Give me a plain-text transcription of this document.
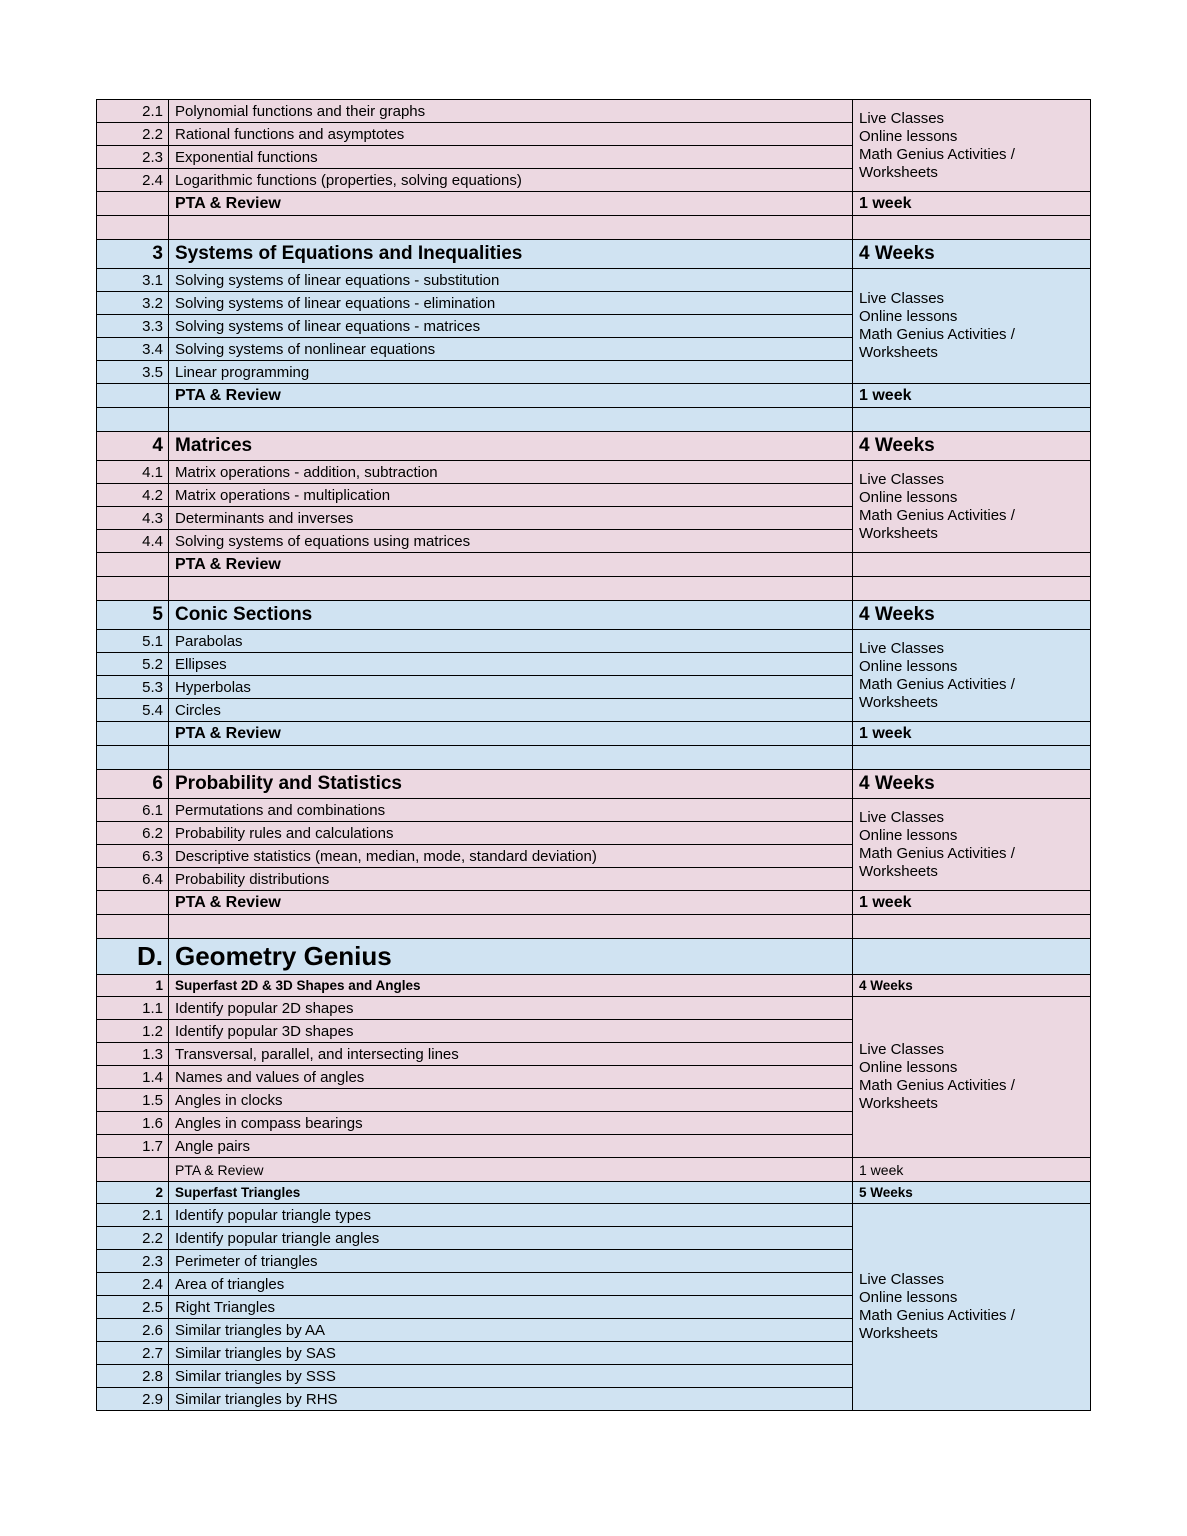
2.1	Polynomial functions and their graphs	Live Classes
Online lessons
Math Genius Activities / Worksheets

2.2	Rational functions and asymptotes	
2.3	Exponential functions	
2.4	Logarithmic functions (properties, solving equations)	
	PTA & Review	1 week

3	Systems of Equations and Inequalities	4 Weeks
3.1	Solving systems of linear equations - substitution	Live Classes
Online lessons
Math Genius Activities / Worksheets

3.2	Solving systems of linear equations - elimination	
3.3	Solving systems of linear equations - matrices	
3.4	Solving systems of nonlinear equations	
3.5	Linear programming	
	PTA & Review	1 week

4	Matrices	4 Weeks
4.1	Matrix operations - addition, subtraction	Live Classes
Online lessons
Math Genius Activities / Worksheets

4.2	Matrix operations - multiplication	
4.3	Determinants and inverses	
4.4	Solving systems of equations using matrices	
	PTA & Review	

5	Conic Sections	4 Weeks
5.1	Parabolas	Live Classes
Online lessons
Math Genius Activities / Worksheets

5.2	Ellipses	
5.3	Hyperbolas	
5.4	Circles	
	PTA & Review	1 week

6	Probability and Statistics	4 Weeks
6.1	Permutations and combinations	Live Classes
Online lessons
Math Genius Activities / Worksheets

6.2	Probability rules and calculations	
6.3	Descriptive statistics (mean, median, mode, standard deviation)	
6.4	Probability distributions	
	PTA & Review	1 week

D.	Geometry Genius	
1	Superfast 2D & 3D Shapes and Angles	4 Weeks
1.1	Identify popular 2D shapes	Live Classes
Online lessons
Math Genius Activities / Worksheets

1.2	Identify popular 3D shapes	
1.3	Transversal, parallel, and intersecting lines	
1.4	Names and values of angles	
1.5	Angles in clocks	
1.6	Angles in compass bearings	
1.7	Angle pairs	
	PTA & Review	1 week
2	Superfast Triangles	5 Weeks
2.1	Identify popular triangle types	Live Classes
Online lessons
Math Genius Activities / Worksheets

2.2	Identify popular triangle angles	
2.3	Perimeter of triangles	
2.4	Area of triangles	
2.5	Right Triangles	
2.6	Similar triangles by AA	
2.7	Similar triangles by SAS	
2.8	Similar triangles by SSS	
2.9	Similar triangles by RHS	
